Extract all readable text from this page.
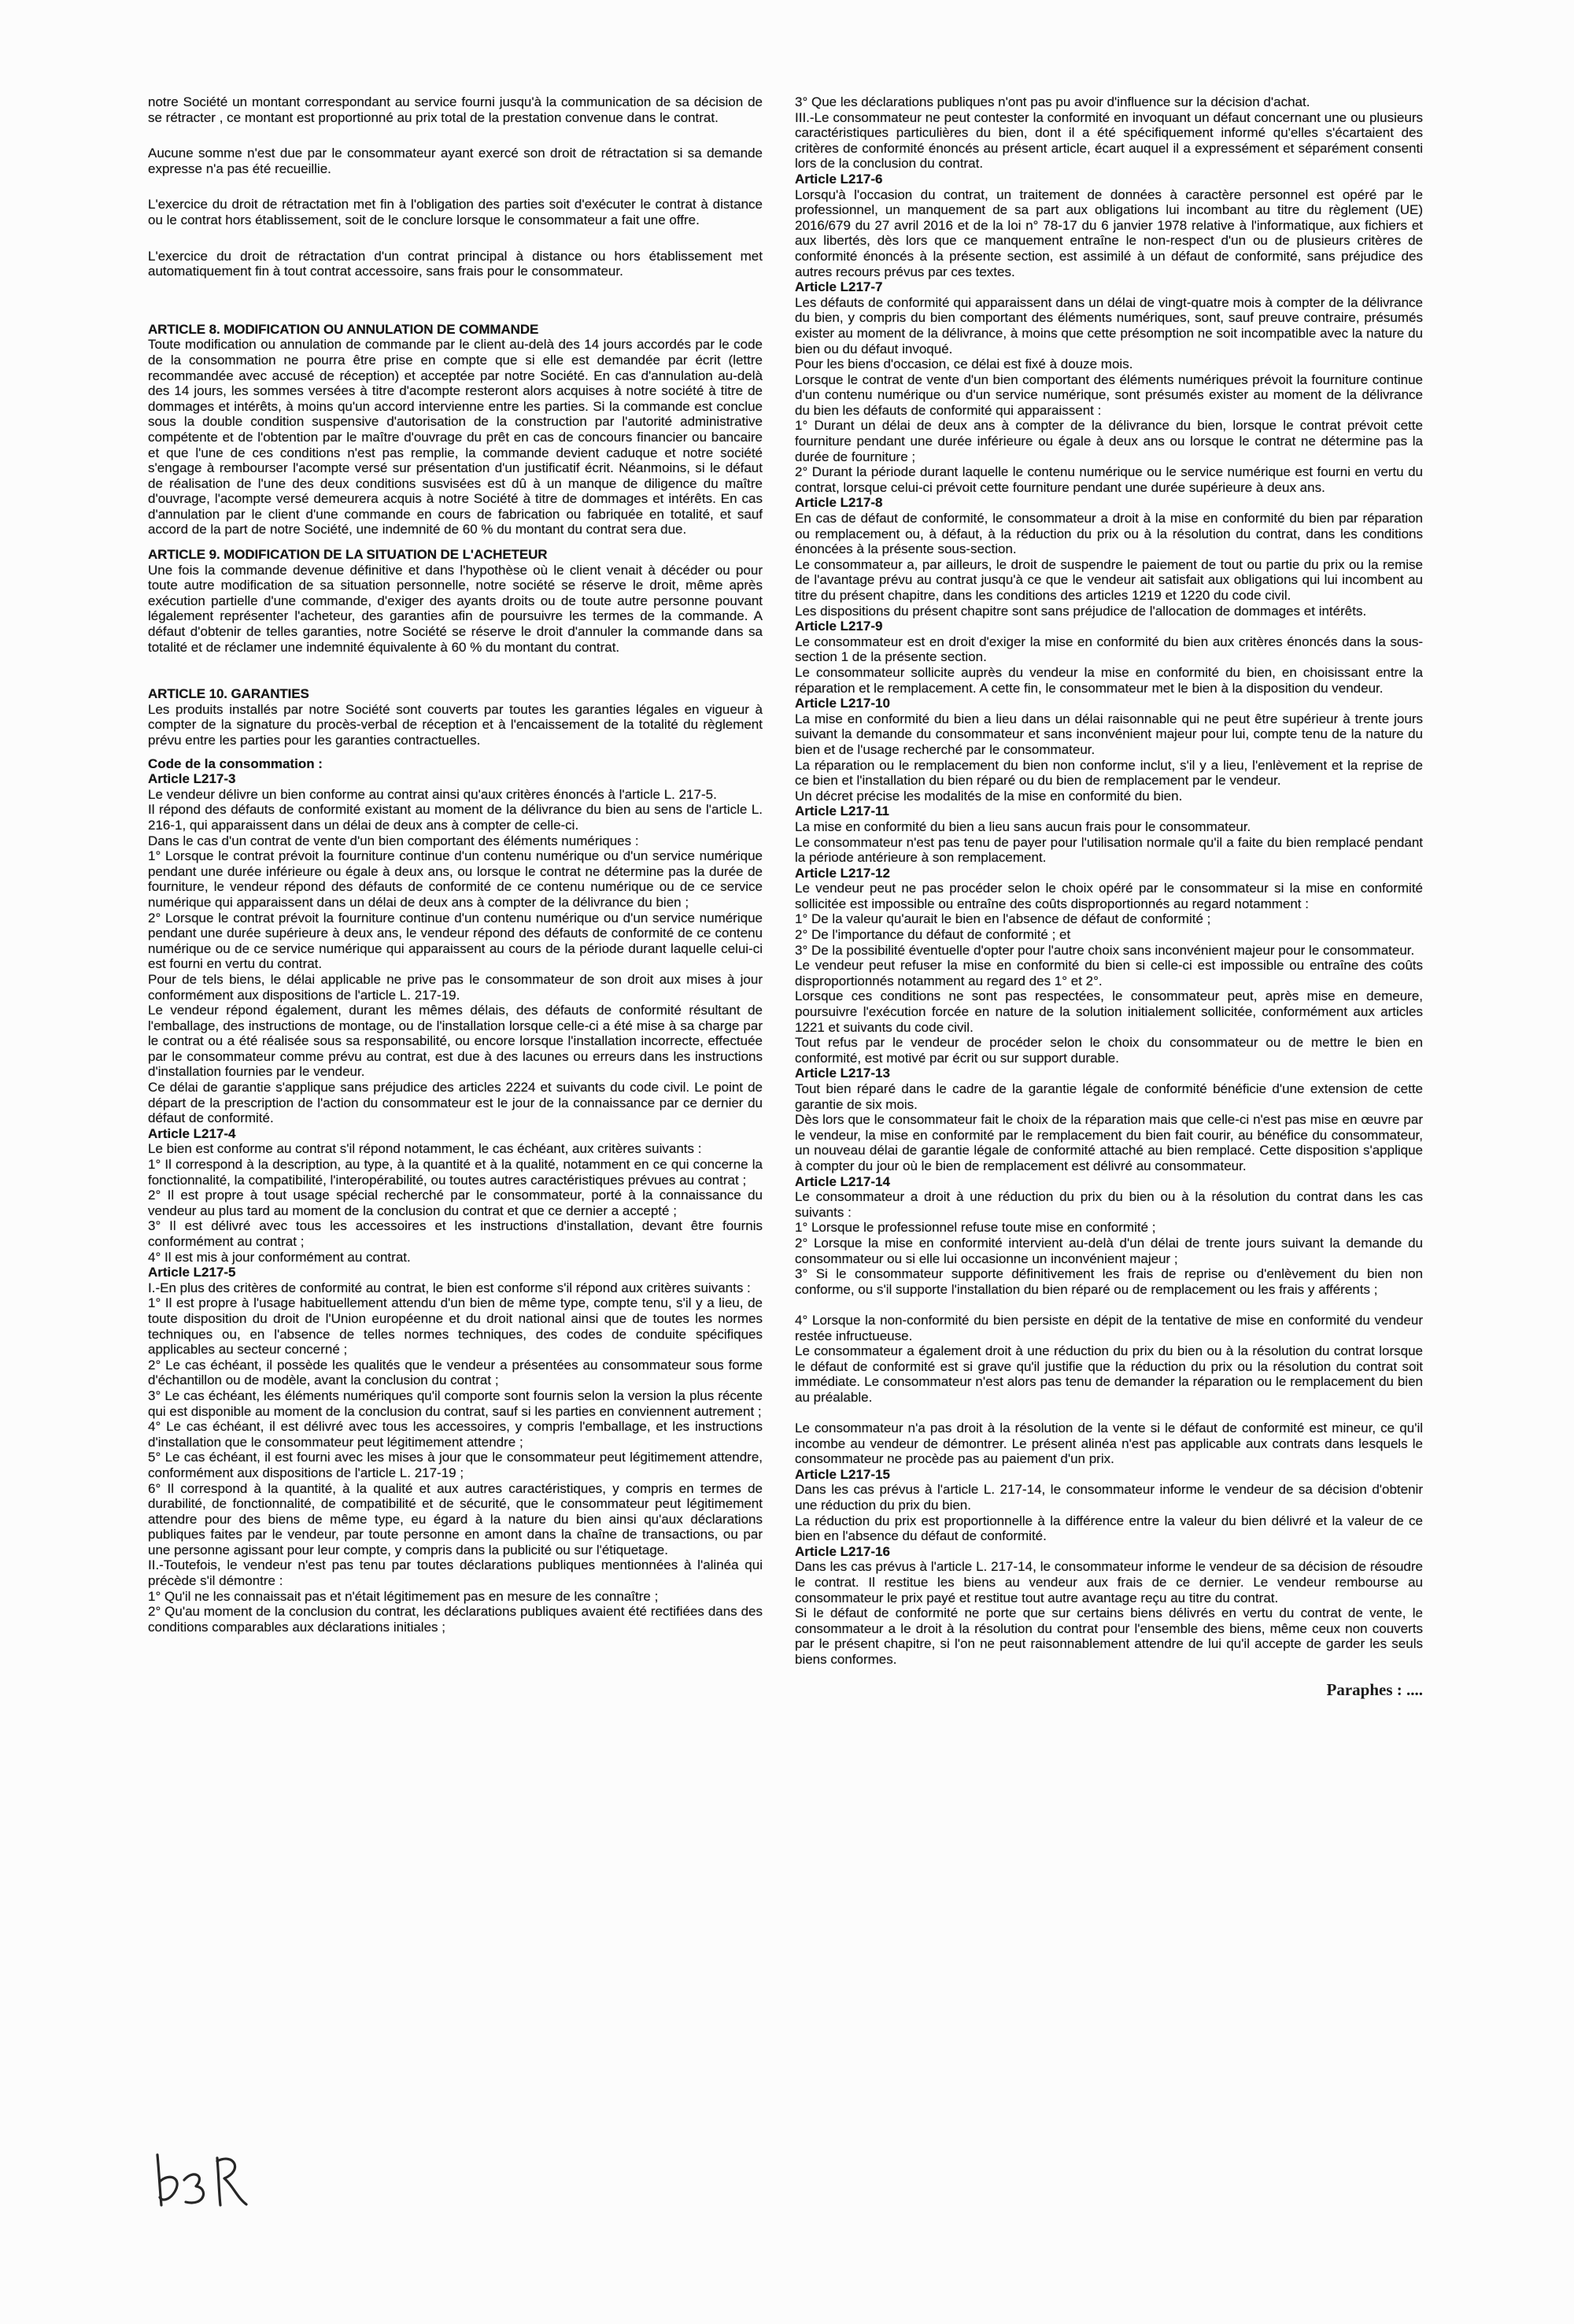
notre Société un montant correspondant au service fourni jusqu'à la communication de sa décision de se rétracter , ce montant est proportionné au prix total de la prestation convenue dans le contrat.

Aucune somme n'est due par le consommateur ayant exercé son droit de rétractation si sa demande expresse n'a pas été recueillie.

L'exercice du droit de rétractation met fin à l'obligation des parties soit d'exécuter le contrat à distance ou le contrat hors établissement, soit de le conclure lorsque le consommateur a fait une offre.

L'exercice du droit de rétractation d'un contrat principal à distance ou hors établissement met automatiquement fin à tout contrat accessoire, sans frais pour le consommateur.

ARTICLE 8. MODIFICATION OU ANNULATION DE COMMANDE

Toute modification ou annulation de commande par le client au-delà des 14 jours accordés par le code de la consommation ne pourra être prise en compte que si elle est demandée par écrit (lettre recommandée avec accusé de réception) et acceptée par notre Société. En cas d'annulation au-delà des 14 jours, les sommes versées à titre d'acompte resteront alors acquises à notre société à titre de dommages et intérêts, à moins qu'un accord intervienne entre les parties. Si la commande est conclue sous la double condition suspensive d'autorisation de la construction par l'autorité administrative compétente et de l'obtention par le maître d'ouvrage du prêt en cas de concours financier ou bancaire et que l'une de ces conditions n'est pas remplie, la commande devient caduque et notre société s'engage à rembourser l'acompte versé sur présentation d'un justificatif écrit. Néanmoins, si le défaut de réalisation de l'une des deux conditions susvisées est dû à un manque de diligence du maître d'ouvrage, l'acompte versé demeurera acquis à notre Société à titre de dommages et intérêts. En cas d'annulation par le client d'une commande en cours de fabrication ou fabriquée en totalité, et sauf accord de la part de notre Société, une indemnité de 60 % du montant du contrat sera due.

ARTICLE 9. MODIFICATION DE LA SITUATION DE L'ACHETEUR

Une fois la commande devenue définitive et dans l'hypothèse où le client venait à décéder ou pour toute autre modification de sa situation personnelle, notre société se réserve le droit, même après exécution partielle d'une commande, d'exiger des ayants droits ou de toute autre personne pouvant légalement représenter l'acheteur, des garanties afin de poursuivre les termes de la commande. A défaut d'obtenir de telles garanties, notre Société se réserve le droit d'annuler la commande dans sa totalité et de réclamer une indemnité équivalente à 60 % du montant du contrat.

ARTICLE 10. GARANTIES

Les produits installés par notre Société sont couverts par toutes les garanties légales en vigueur à compter de la signature du procès-verbal de réception et à l'encaissement de la totalité du règlement prévu entre les parties pour les garanties contractuelles.

Code de la consommation :

Article L217-3

Le vendeur délivre un bien conforme au contrat ainsi qu'aux critères énoncés à l'article L. 217-5.

Il répond des défauts de conformité existant au moment de la délivrance du bien au sens de l'article L. 216-1, qui apparaissent dans un délai de deux ans à compter de celle-ci.

Dans le cas d'un contrat de vente d'un bien comportant des éléments numériques :

1° Lorsque le contrat prévoit la fourniture continue d'un contenu numérique ou d'un service numérique pendant une durée inférieure ou égale à deux ans, ou lorsque le contrat ne détermine pas la durée de fourniture, le vendeur répond des défauts de conformité de ce contenu numérique ou de ce service numérique qui apparaissent dans un délai de deux ans à compter de la délivrance du bien ;

2° Lorsque le contrat prévoit la fourniture continue d'un contenu numérique ou d'un service numérique pendant une durée supérieure à deux ans, le vendeur répond des défauts de conformité de ce contenu numérique ou de ce service numérique qui apparaissent au cours de la période durant laquelle celui-ci est fourni en vertu du contrat.

Pour de tels biens, le délai applicable ne prive pas le consommateur de son droit aux mises à jour conformément aux dispositions de l'article L. 217-19.

Le vendeur répond également, durant les mêmes délais, des défauts de conformité résultant de l'emballage, des instructions de montage, ou de l'installation lorsque celle-ci a été mise à sa charge par le contrat ou a été réalisée sous sa responsabilité, ou encore lorsque l'installation incorrecte, effectuée par le consommateur comme prévu au contrat, est due à des lacunes ou erreurs dans les instructions d'installation fournies par le vendeur.

Ce délai de garantie s'applique sans préjudice des articles 2224 et suivants du code civil. Le point de départ de la prescription de l'action du consommateur est le jour de la connaissance par ce dernier du défaut de conformité.

Article L217-4

Le bien est conforme au contrat s'il répond notamment, le cas échéant, aux critères suivants :

1° Il correspond à la description, au type, à la quantité et à la qualité, notamment en ce qui concerne la fonctionnalité, la compatibilité, l'interopérabilité, ou toutes autres caractéristiques prévues au contrat ;

2° Il est propre à tout usage spécial recherché par le consommateur, porté à la connaissance du vendeur au plus tard au moment de la conclusion du contrat et que ce dernier a accepté ;

3° Il est délivré avec tous les accessoires et les instructions d'installation, devant être fournis conformément au contrat ;

4° Il est mis à jour conformément au contrat.

Article L217-5

I.-En plus des critères de conformité au contrat, le bien est conforme s'il répond aux critères suivants :

1° Il est propre à l'usage habituellement attendu d'un bien de même type, compte tenu, s'il y a lieu, de toute disposition du droit de l'Union européenne et du droit national ainsi que de toutes les normes techniques ou, en l'absence de telles normes techniques, des codes de conduite spécifiques applicables au secteur concerné ;

2° Le cas échéant, il possède les qualités que le vendeur a présentées au consommateur sous forme d'échantillon ou de modèle, avant la conclusion du contrat ;

3° Le cas échéant, les éléments numériques qu'il comporte sont fournis selon la version la plus récente qui est disponible au moment de la conclusion du contrat, sauf si les parties en conviennent autrement ;

4° Le cas échéant, il est délivré avec tous les accessoires, y compris l'emballage, et les instructions d'installation que le consommateur peut légitimement attendre ;

5° Le cas échéant, il est fourni avec les mises à jour que le consommateur peut légitimement attendre, conformément aux dispositions de l'article L. 217-19 ;

6° Il correspond à la quantité, à la qualité et aux autres caractéristiques, y compris en termes de durabilité, de fonctionnalité, de compatibilité et de sécurité, que le consommateur peut légitimement attendre pour des biens de même type, eu égard à la nature du bien ainsi qu'aux déclarations publiques faites par le vendeur, par toute personne en amont dans la chaîne de transactions, ou par une personne agissant pour leur compte, y compris dans la publicité ou sur l'étiquetage.

II.-Toutefois, le vendeur n'est pas tenu par toutes déclarations publiques mentionnées à l'alinéa qui précède s'il démontre :

1° Qu'il ne les connaissait pas et n'était légitimement pas en mesure de les connaître ;

2° Qu'au moment de la conclusion du contrat, les déclarations publiques avaient été rectifiées dans des conditions comparables aux déclarations initiales ;

3° Que les déclarations publiques n'ont pas pu avoir d'influence sur la décision d'achat.

III.-Le consommateur ne peut contester la conformité en invoquant un défaut concernant une ou plusieurs caractéristiques particulières du bien, dont il a été spécifiquement informé qu'elles s'écartaient des critères de conformité énoncés au présent article, écart auquel il a expressément et séparément consenti lors de la conclusion du contrat.

Article L217-6

Lorsqu'à l'occasion du contrat, un traitement de données à caractère personnel est opéré par le professionnel, un manquement de sa part aux obligations lui incombant au titre du règlement (UE) 2016/679 du 27 avril 2016 et de la loi n° 78-17 du 6 janvier 1978 relative à l'informatique, aux fichiers et aux libertés, dès lors que ce manquement entraîne le non-respect d'un ou de plusieurs critères de conformité énoncés à la présente section, est assimilé à un défaut de conformité, sans préjudice des autres recours prévus par ces textes.

Article L217-7

Les défauts de conformité qui apparaissent dans un délai de vingt-quatre mois à compter de la délivrance du bien, y compris du bien comportant des éléments numériques, sont, sauf preuve contraire, présumés exister au moment de la délivrance, à moins que cette présomption ne soit incompatible avec la nature du bien ou du défaut invoqué.

Pour les biens d'occasion, ce délai est fixé à douze mois.

Lorsque le contrat de vente d'un bien comportant des éléments numériques prévoit la fourniture continue d'un contenu numérique ou d'un service numérique, sont présumés exister au moment de la délivrance du bien les défauts de conformité qui apparaissent :

1° Durant un délai de deux ans à compter de la délivrance du bien, lorsque le contrat prévoit cette fourniture pendant une durée inférieure ou égale à deux ans ou lorsque le contrat ne détermine pas la durée de fourniture ;

2° Durant la période durant laquelle le contenu numérique ou le service numérique est fourni en vertu du contrat, lorsque celui-ci prévoit cette fourniture pendant une durée supérieure à deux ans.

Article L217-8

En cas de défaut de conformité, le consommateur a droit à la mise en conformité du bien par réparation ou remplacement ou, à défaut, à la réduction du prix ou à la résolution du contrat, dans les conditions énoncées à la présente sous-section.

Le consommateur a, par ailleurs, le droit de suspendre le paiement de tout ou partie du prix ou la remise de l'avantage prévu au contrat jusqu'à ce que le vendeur ait satisfait aux obligations qui lui incombent au titre du présent chapitre, dans les conditions des articles 1219 et 1220 du code civil.

Les dispositions du présent chapitre sont sans préjudice de l'allocation de dommages et intérêts.

Article L217-9

Le consommateur est en droit d'exiger la mise en conformité du bien aux critères énoncés dans la sous-section 1 de la présente section.

Le consommateur sollicite auprès du vendeur la mise en conformité du bien, en choisissant entre la réparation et le remplacement. A cette fin, le consommateur met le bien à la disposition du vendeur.

Article L217-10

La mise en conformité du bien a lieu dans un délai raisonnable qui ne peut être supérieur à trente jours suivant la demande du consommateur et sans inconvénient majeur pour lui, compte tenu de la nature du bien et de l'usage recherché par le consommateur.

La réparation ou le remplacement du bien non conforme inclut, s'il y a lieu, l'enlèvement et la reprise de ce bien et l'installation du bien réparé ou du bien de remplacement par le vendeur.

Un décret précise les modalités de la mise en conformité du bien.

Article L217-11

La mise en conformité du bien a lieu sans aucun frais pour le consommateur.

Le consommateur n'est pas tenu de payer pour l'utilisation normale qu'il a faite du bien remplacé pendant la période antérieure à son remplacement.

Article L217-12

Le vendeur peut ne pas procéder selon le choix opéré par le consommateur si la mise en conformité sollicitée est impossible ou entraîne des coûts disproportionnés au regard notamment :

1° De la valeur qu'aurait le bien en l'absence de défaut de conformité ;

2° De l'importance du défaut de conformité ; et

3° De la possibilité éventuelle d'opter pour l'autre choix sans inconvénient majeur pour le consommateur.

Le vendeur peut refuser la mise en conformité du bien si celle-ci est impossible ou entraîne des coûts disproportionnés notamment au regard des 1° et 2°.

Lorsque ces conditions ne sont pas respectées, le consommateur peut, après mise en demeure, poursuivre l'exécution forcée en nature de la solution initialement sollicitée, conformément aux articles 1221 et suivants du code civil.

Tout refus par le vendeur de procéder selon le choix du consommateur ou de mettre le bien en conformité, est motivé par écrit ou sur support durable.

Article L217-13

Tout bien réparé dans le cadre de la garantie légale de conformité bénéficie d'une extension de cette garantie de six mois.

Dès lors que le consommateur fait le choix de la réparation mais que celle-ci n'est pas mise en œuvre par le vendeur, la mise en conformité par le remplacement du bien fait courir, au bénéfice du consommateur, un nouveau délai de garantie légale de conformité attaché au bien remplacé. Cette disposition s'applique à compter du jour où le bien de remplacement est délivré au consommateur.

Article L217-14

Le consommateur a droit à une réduction du prix du bien ou à la résolution du contrat dans les cas suivants :

1° Lorsque le professionnel refuse toute mise en conformité ;

2° Lorsque la mise en conformité intervient au-delà d'un délai de trente jours suivant la demande du consommateur ou si elle lui occasionne un inconvénient majeur ;

3° Si le consommateur supporte définitivement les frais de reprise ou d'enlèvement du bien non conforme, ou s'il supporte l'installation du bien réparé ou de remplacement ou les frais y afférents ;

4° Lorsque la non-conformité du bien persiste en dépit de la tentative de mise en conformité du vendeur restée infructueuse.

Le consommateur a également droit à une réduction du prix du bien ou à la résolution du contrat lorsque le défaut de conformité est si grave qu'il justifie que la réduction du prix ou la résolution du contrat soit immédiate. Le consommateur n'est alors pas tenu de demander la réparation ou le remplacement du bien au préalable.

Le consommateur n'a pas droit à la résolution de la vente si le défaut de conformité est mineur, ce qu'il incombe au vendeur de démontrer. Le présent alinéa n'est pas applicable aux contrats dans lesquels le consommateur ne procède pas au paiement d'un prix.

Article L217-15

Dans les cas prévus à l'article L. 217-14, le consommateur informe le vendeur de sa décision d'obtenir une réduction du prix du bien.

La réduction du prix est proportionnelle à la différence entre la valeur du bien délivré et la valeur de ce bien en l'absence du défaut de conformité.

Article L217-16

Dans les cas prévus à l'article L. 217-14, le consommateur informe le vendeur de sa décision de résoudre le contrat. Il restitue les biens au vendeur aux frais de ce dernier. Le vendeur rembourse au consommateur le prix payé et restitue tout autre avantage reçu au titre du contrat.

Si le défaut de conformité ne porte que sur certains biens délivrés en vertu du contrat de vente, le consommateur a le droit à la résolution du contrat pour l'ensemble des biens, même ceux non couverts par le présent chapitre, si l'on ne peut raisonnablement attendre de lui qu'il accepte de garder les seuls biens conformes.

Paraphes : ....
